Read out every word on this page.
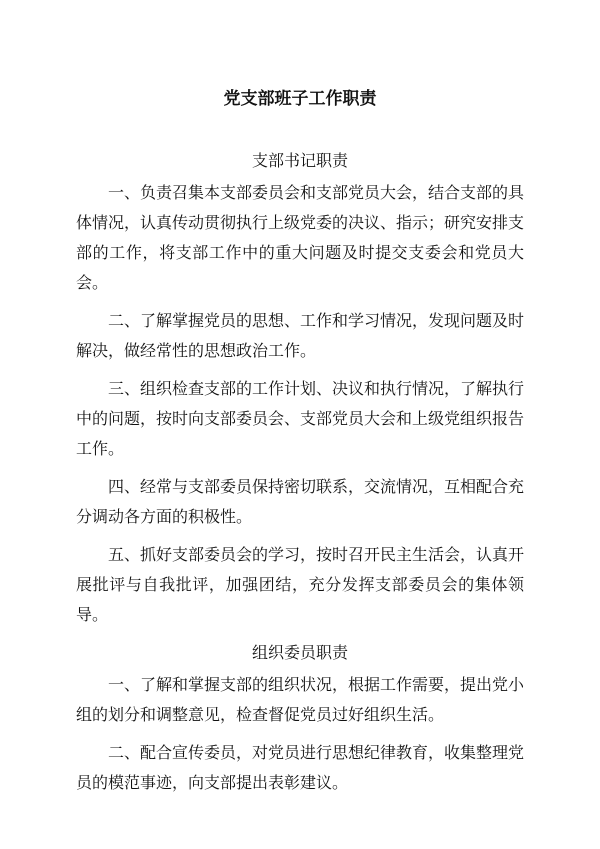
党支部班子工作职责
支部书记职责

一、负责召集本支部委员会和支部党员大会，结合支部的具体情况，认真传动贯彻执行上级党委的决议、指示；研究安排支部的工作，将支部工作中的重大问题及时提交支委会和党员大会。

二、了解掌握党员的思想、工作和学习情况，发现问题及时解决，做经常性的思想政治工作。

三、组织检查支部的工作计划、决议和执行情况，了解执行中的问题，按时向支部委员会、支部党员大会和上级党组织报告工作。

四、经常与支部委员保持密切联系，交流情况，互相配合充分调动各方面的积极性。

五、抓好支部委员会的学习，按时召开民主生活会，认真开展批评与自我批评，加强团结，充分发挥支部委员会的集体领导。

组织委员职责

一、了解和掌握支部的组织状况，根据工作需要，提出党小组的划分和调整意见，检查督促党员过好组织生活。

二、配合宣传委员，对党员进行思想纪律教育，收集整理党员的模范事迹，向支部提出表彰建议。
